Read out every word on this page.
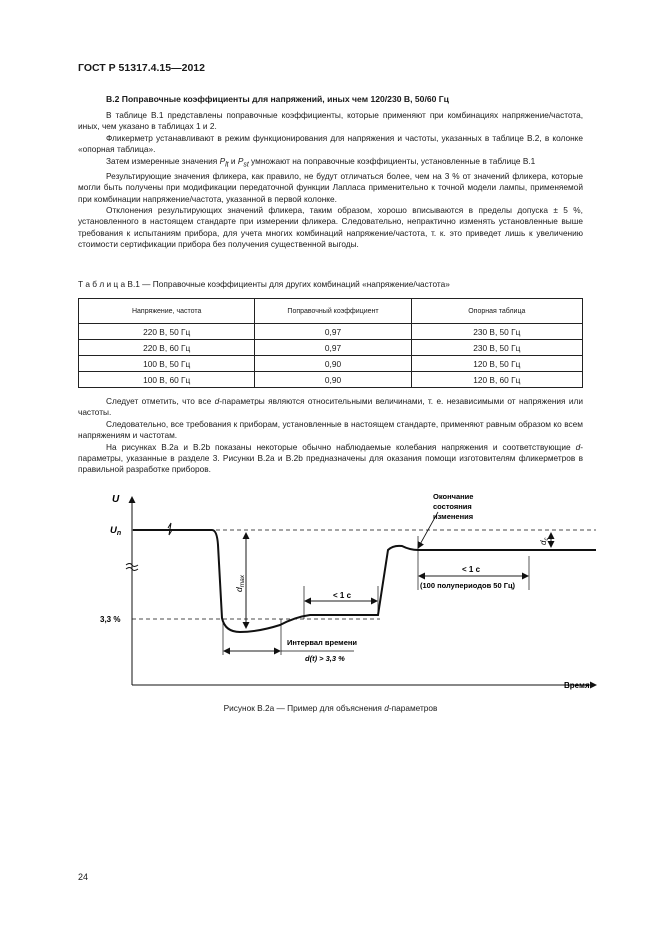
ГОСТ Р 51317.4.15—2012
B.2 Поправочные коэффициенты для напряжений, иных чем 120/230 В, 50/60 Гц

В таблице В.1 представлены поправочные коэффициенты, которые применяют при комбинациях напряжение/частота, иных, чем указано в таблицах 1 и 2.

Фликерметр устанавливают в режим функционирования для напряжения и частоты, указанных в таблице В.2, в колонке «опорная таблица».

Затем измеренные значения $P_{lt}$ и $P_{st}$ умножают на поправочные коэффициенты, установленные в таблице В.1

Результирующие значения фликера, как правило, не будут отличаться более, чем на 3 % от значений фликера, которые могли быть получены при модификации передаточной функции Лапласа применительно к точной модели лампы, применяемой при комбинации напряжение/частота, указанной в первой колонке.

Отклонения результирующих значений фликера, таким образом, хорошо вписываются в пределы допуска ± 5 %, установленного в настоящем стандарте при измерении фликера. Следовательно, непрактично изменять установленные выше требования к испытаниям прибора, для учета многих комбинаций напряжение/частота, т. к. это приведет лишь к увеличению стоимости сертификации прибора без получения существенной выгоды.

Т а б л и ц а В.1 — Поправочные коэффициенты для других комбинаций «напряжение/частота»
Напряжение, частота	Поправочный коэффициент	Опорная таблица
220 В, 50 Гц	0,97	230 В, 50 Гц
220 В, 60 Гц	0,97	230 В, 50 Гц
100 В, 50 Гц	0,90	120 В, 50 Гц
100 В, 60 Гц	0,90	120 В, 60 Гц

Следует отметить, что все d-параметры являются относительными величинами, т. е. независимыми от напряжения или частоты.

Следовательно, все требования к приборам, установленные в настоящем стандарте, применяют равным образом ко всем напряжениям и частотам.

На рисунках В.2а и В.2b показаны некоторые обычно наблюдаемые колебания напряжения и соответствующие d-параметры, указанные в разделе 3. Рисунки В.2а и В.2b предназначены для оказания помощи изготовителям фликерметров в правильной разработке приборов.

U
$U_n$
3,3 %
$d_{max}$
$d_c$
< 1 с
< 1 с
(100 полупериодов 50 Гц)
Окончание
состояния
изменения
Интервал времени
d(t) > 3,3 %
Время
Рисунок В.2а — Пример для объяснения d-параметров
24
